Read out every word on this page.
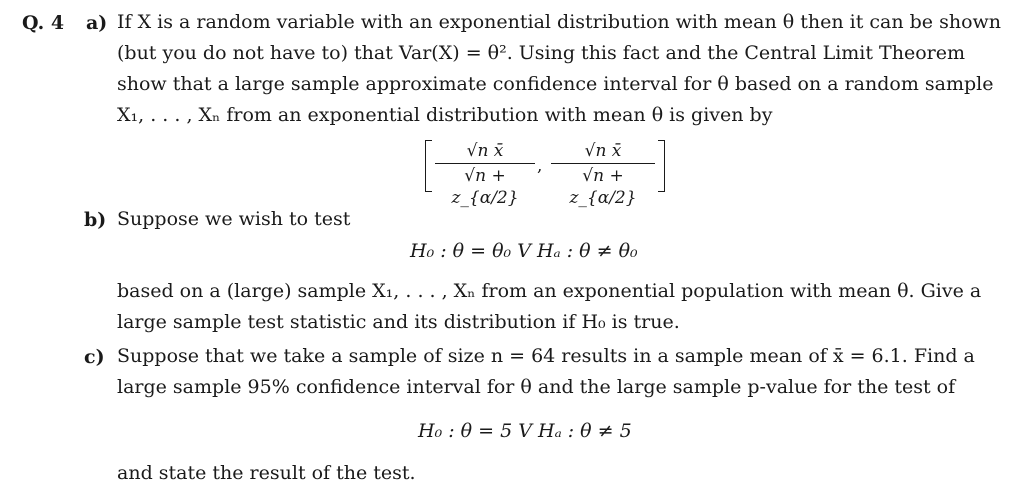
Q. 4 a) If X is a random variable with an exponential distribution with mean θ then it can be shown

(but you do not have to) that Var(X) = θ². Using this fact and the Central Limit Theorem

show that a large sample approximate confidence interval for θ based on a random sample

X₁, . . . , Xₙ from an exponential distribution with mean θ is given by

√n x̄
√n + z_{α/2}
,
√n x̄
√n + z_{α/2}
b) Suppose we wish to test

H₀ : θ = θ₀ V Hₐ : θ ≠ θ₀

based on a (large) sample X₁, . . . , Xₙ from an exponential population with mean θ. Give a

large sample test statistic and its distribution if H₀ is true.

c) Suppose that we take a sample of size n = 64 results in a sample mean of x̄ = 6.1. Find a

large sample 95% confidence interval for θ and the large sample p-value for the test of

H₀ : θ = 5 V Hₐ : θ ≠ 5

and state the result of the test.
